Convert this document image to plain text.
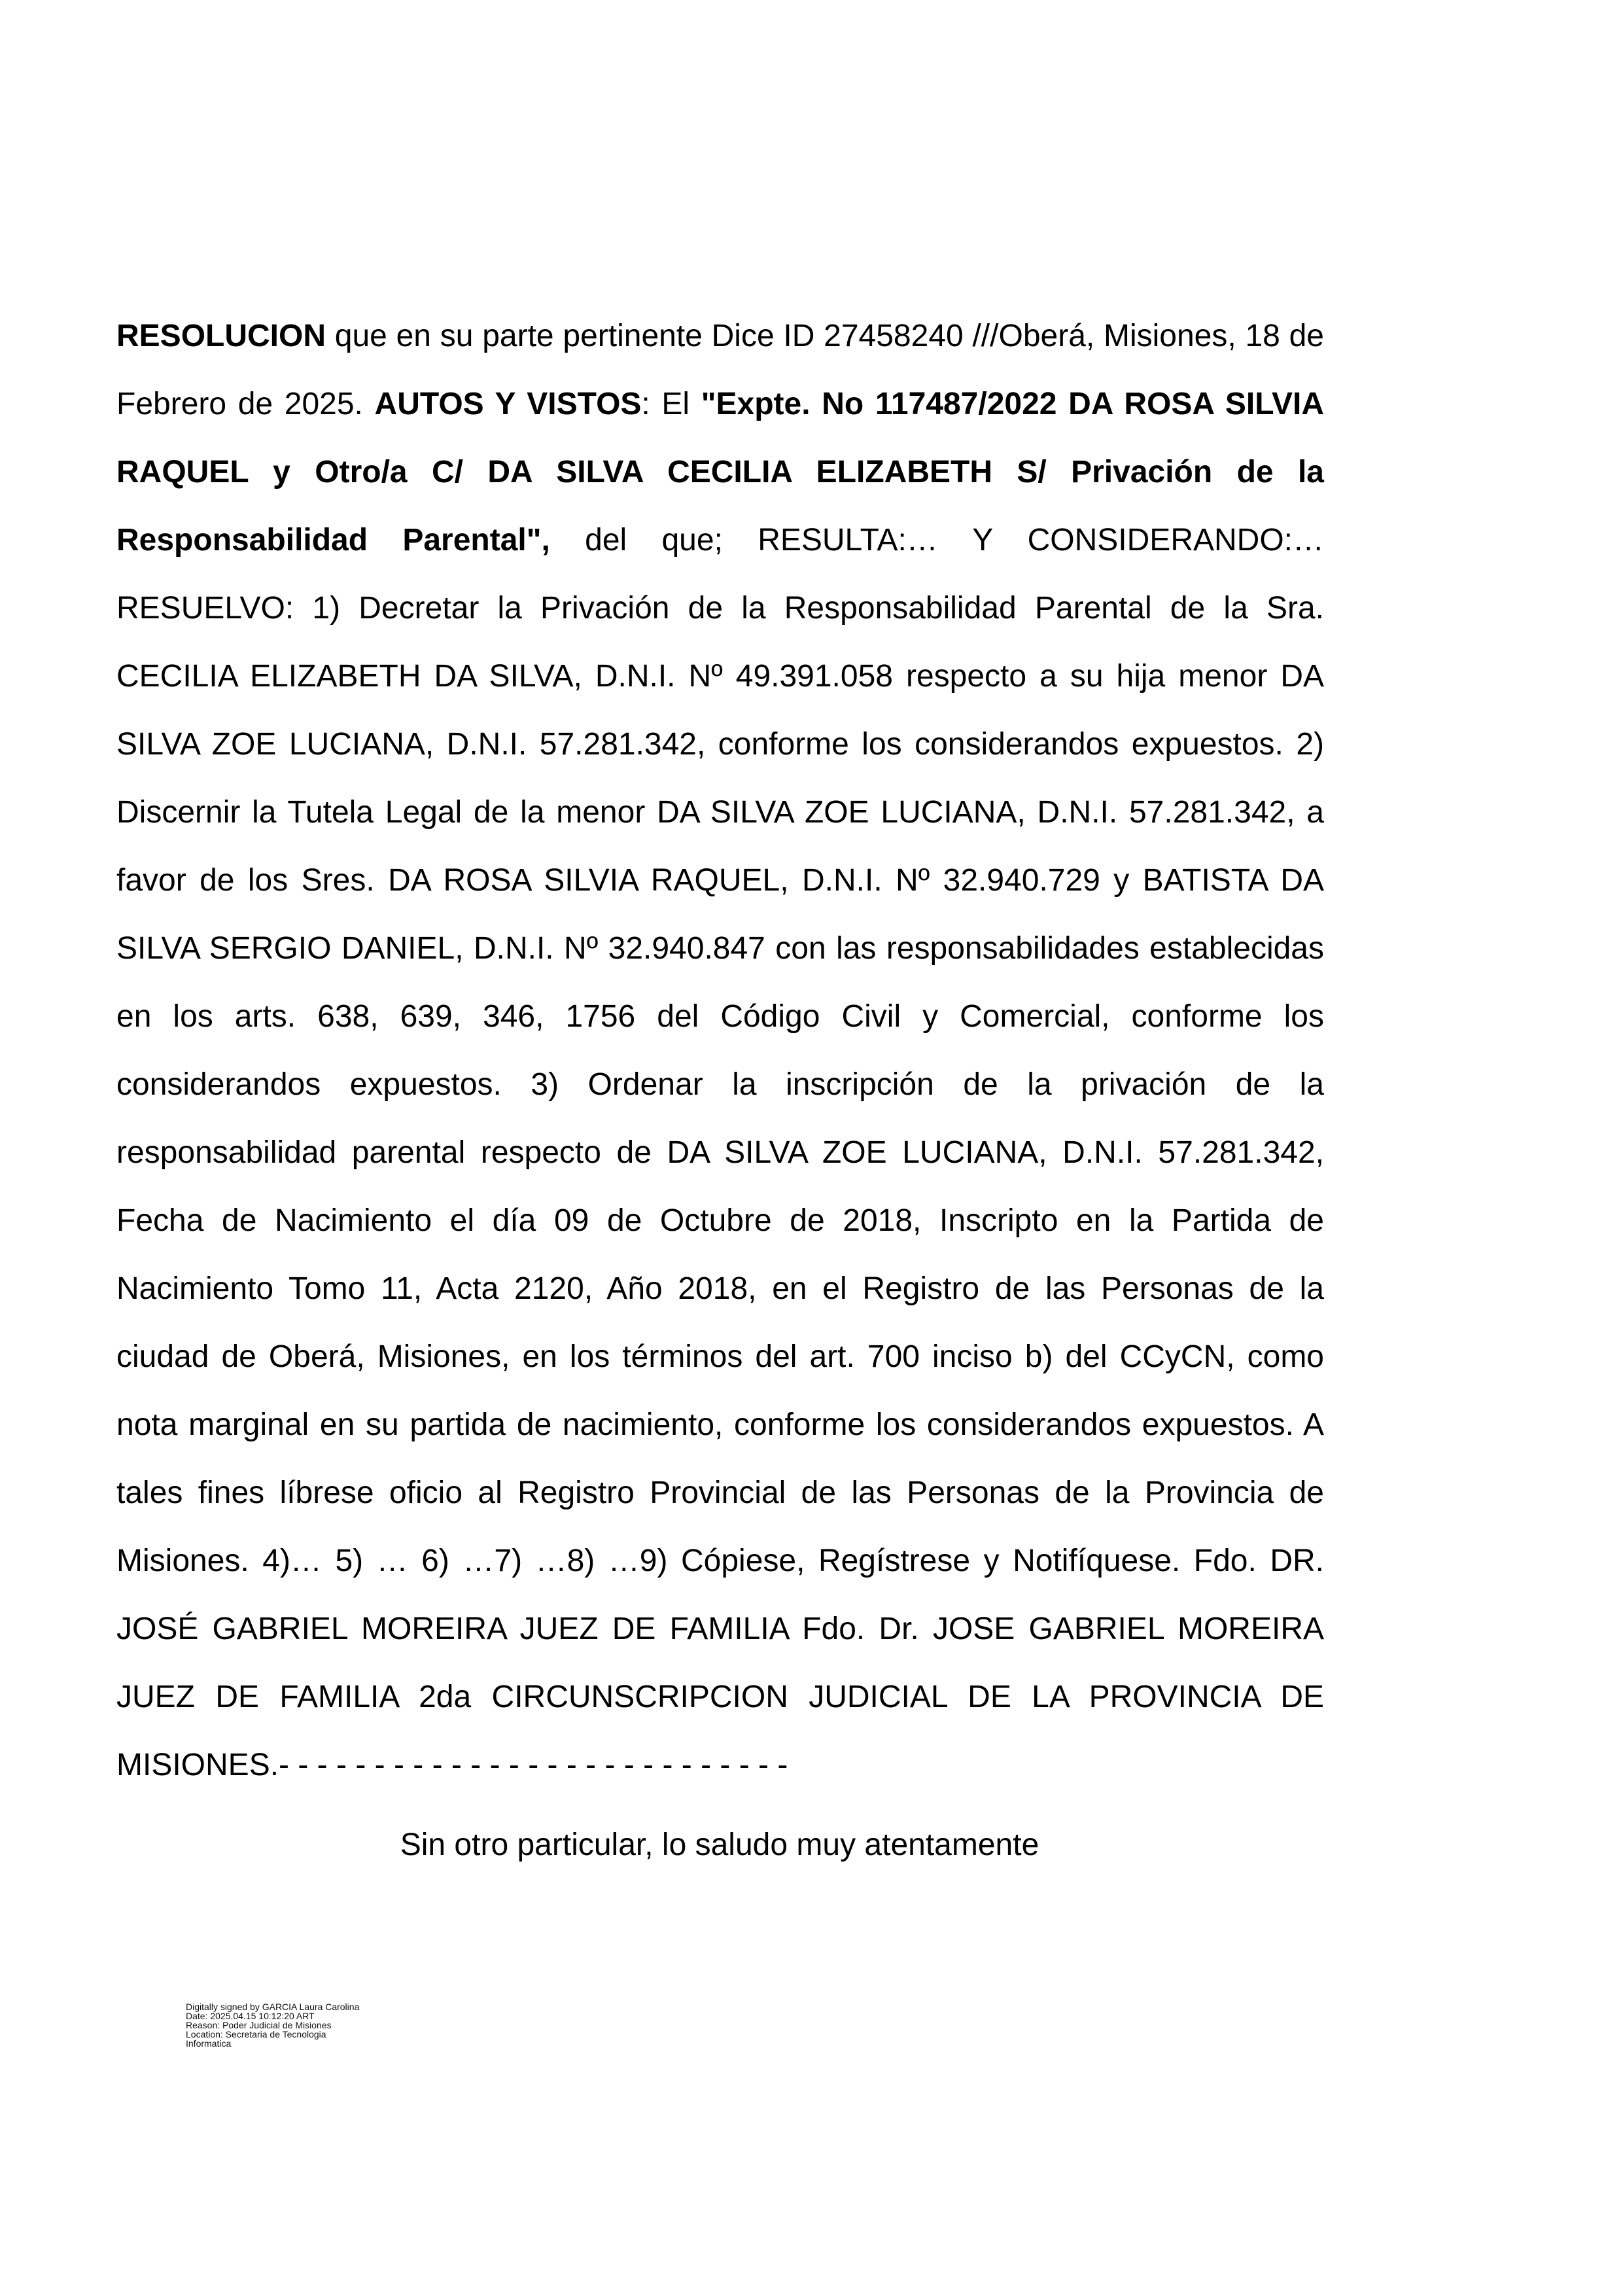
RESOLUCION que en su parte pertinente Dice ID 27458240 ///Oberá, Misiones, 18 de Febrero de 2025. AUTOS Y VISTOS: El "Expte. No 117487/2022 DA ROSA SILVIA RAQUEL y Otro/a C/ DA SILVA CECILIA ELIZABETH S/ Privación de la Responsabilidad Parental", del que; RESULTA:… Y CONSIDERANDO:… RESUELVO: 1) Decretar la Privación de la Responsabilidad Parental de la Sra. CECILIA ELIZABETH DA SILVA, D.N.I. Nº 49.391.058 respecto a su hija menor DA SILVA ZOE LUCIANA, D.N.I. 57.281.342, conforme los considerandos expuestos. 2) Discernir la Tutela Legal de la menor DA SILVA ZOE LUCIANA, D.N.I. 57.281.342, a favor de los Sres. DA ROSA SILVIA RAQUEL, D.N.I. Nº 32.940.729 y BATISTA DA SILVA SERGIO DANIEL, D.N.I. Nº 32.940.847 con las responsabilidades establecidas en los arts. 638, 639, 346, 1756 del Código Civil y Comercial, conforme los considerandos expuestos. 3) Ordenar la inscripción de la privación de la responsabilidad parental respecto de DA SILVA ZOE LUCIANA, D.N.I. 57.281.342, Fecha de Nacimiento el día 09 de Octubre de 2018, Inscripto en la Partida de Nacimiento Tomo 11, Acta 2120, Año 2018, en el Registro de las Personas de la ciudad de Oberá, Misiones, en los términos del art. 700 inciso b) del CCyCN, como nota marginal en su partida de nacimiento, conforme los considerandos expuestos. A tales fines líbrese oficio al Registro Provincial de las Personas de la Provincia de Misiones. 4)… 5) … 6) …7) …8) …9) Cópiese, Regístrese y Notifíquese. Fdo. DR. JOSÉ GABRIEL MOREIRA JUEZ DE FAMILIA Fdo. Dr. JOSE GABRIEL MOREIRA JUEZ DE FAMILIA 2da CIRCUNSCRIPCION JUDICIAL DE LA PROVINCIA DE MISIONES.- - - - - - - - - - - - - - - - - - - - - - - - - - -

Sin otro particular, lo saludo muy atentamente

Digitally signed by GARCIA Laura Carolina
Date: 2025.04.15 10:12:20 ART
Reason: Poder Judicial de Misiones
Location: Secretaria de Tecnologia
Informatica
